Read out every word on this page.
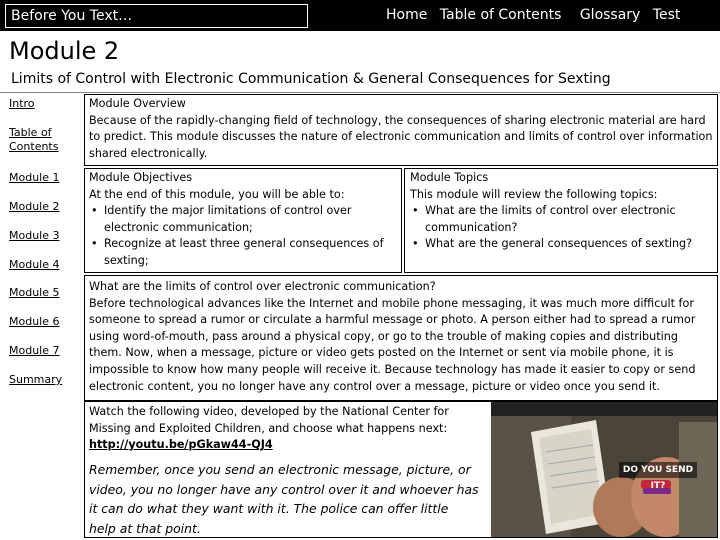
Before You Text…	Home Table of Contents Glossary Test
Module 2
Limits of Control with Electronic Communication & General Consequences for Sexting
Intro
Table of Contents
Module 1
Module 2
Module 3
Module 4
Module 5
Module 6
Module 7
Summary
Module Overview
Because of the rapidly-changing field of technology, the consequences of sharing electronic material are hard to predict. This module discusses the nature of electronic communication and limits of control over information shared electronically.
Module Objectives
At the end of this module, you will be able to:
• Identify the major limitations of control over electronic communication;
• Recognize at least three general consequences of sexting;
Module Topics
This module will review the following topics:
• What are the limits of control over electronic communication?
• What are the general consequences of sexting?
What are the limits of control over electronic communication?
Before technological advances like the Internet and mobile phone messaging, it was much more difficult for someone to spread a rumor or circulate a harmful message or photo. A person either had to spread a rumor using word-of-mouth, pass around a physical copy, or go to the trouble of making copies and distributing them. Now, when a message, picture or video gets posted on the Internet or sent via mobile phone, it is impossible to know how many people will receive it. Because technology has made it easier to copy or send electronic content, you no longer have any control over a message, picture or video once you send it.
Watch the following video, developed by the National Center for Missing and Exploited Children, and choose what happens next:
http://youtu.be/pGkaw44-QJ4
Remember, once you send an electronic message, picture, or video, you no longer have any control over it and whoever has it can do what they want with it. The police can offer little help at that point.
DO YOU SEND IT?
